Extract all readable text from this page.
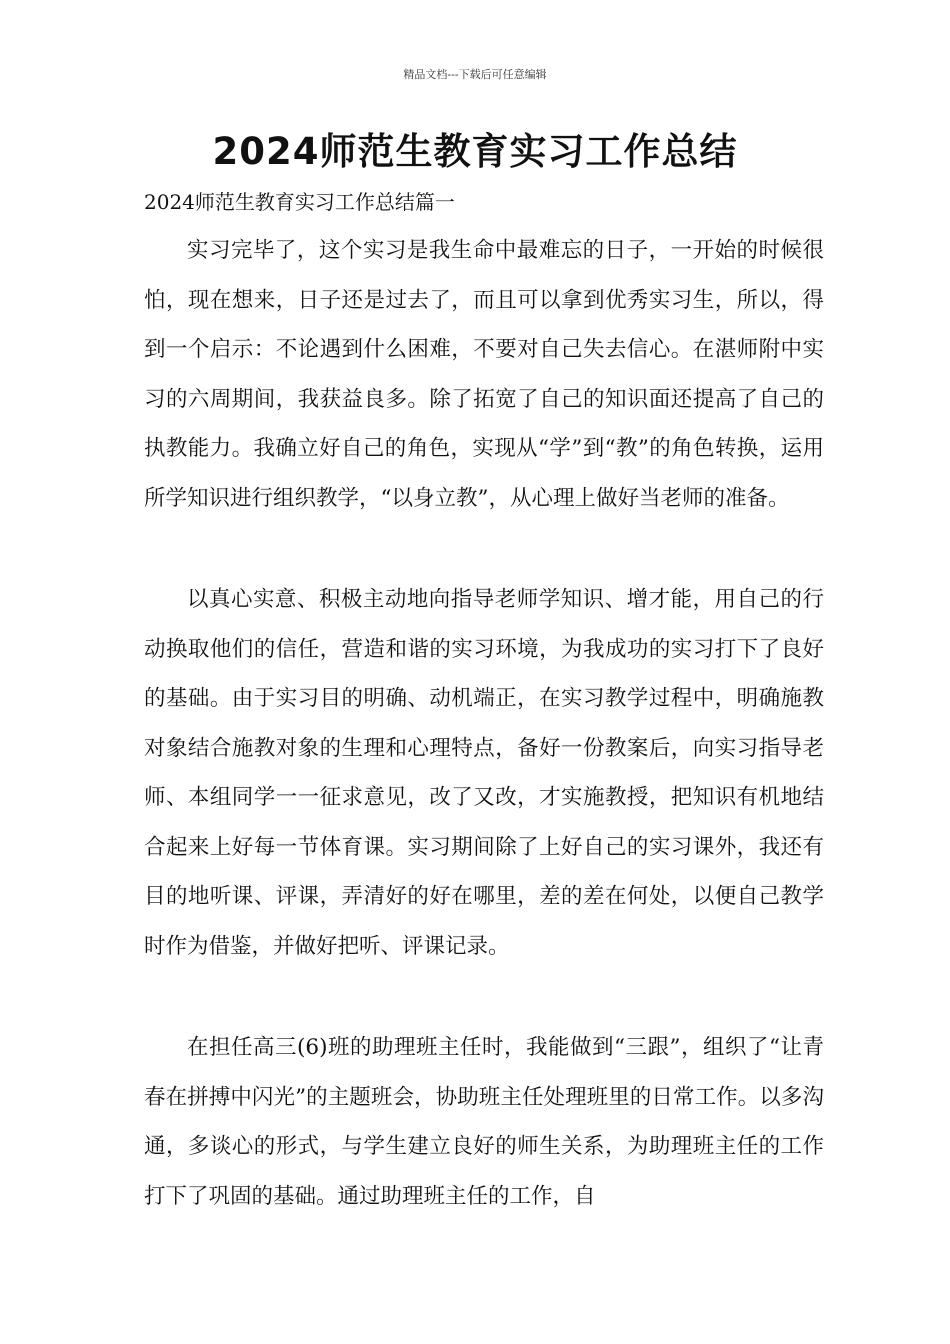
精品文档---下载后可任意编辑
2024师范生教育实习工作总结
2024师范生教育实习工作总结篇一

实习完毕了，这个实习是我生命中最难忘的日子，一开始的时候很怕，现在想来，日子还是过去了，而且可以拿到优秀实习生，所以，得到一个启示：不论遇到什么困难，不要对自己失去信心。在湛师附中实习的六周期间，我获益良多。除了拓宽了自己的知识面还提高了自己的执教能力。我确立好自己的角色，实现从“学”到“教”的角色转换，运用所学知识进行组织教学，“以身立教”，从心理上做好当老师的准备。

以真心实意、积极主动地向指导老师学知识、增才能，用自己的行动换取他们的信任，营造和谐的实习环境，为我成功的实习打下了良好的基础。由于实习目的明确、动机端正，在实习教学过程中，明确施教对象结合施教对象的生理和心理特点，备好一份教案后，向实习指导老师、本组同学一一征求意见，改了又改，才实施教授，把知识有机地结合起来上好每一节体育课。实习期间除了上好自己的实习课外，我还有目的地听课、评课，弄清好的好在哪里，差的差在何处，以便自己教学时作为借鉴，并做好把听、评课记录。

在担任高三(6)班的助理班主任时，我能做到“三跟”，组织了“让青春在拼搏中闪光”的主题班会，协助班主任处理班里的日常工作。以多沟通，多谈心的形式，与学生建立良好的师生关系，为助理班主任的工作打下了巩固的基础。通过助理班主任的工作，自
